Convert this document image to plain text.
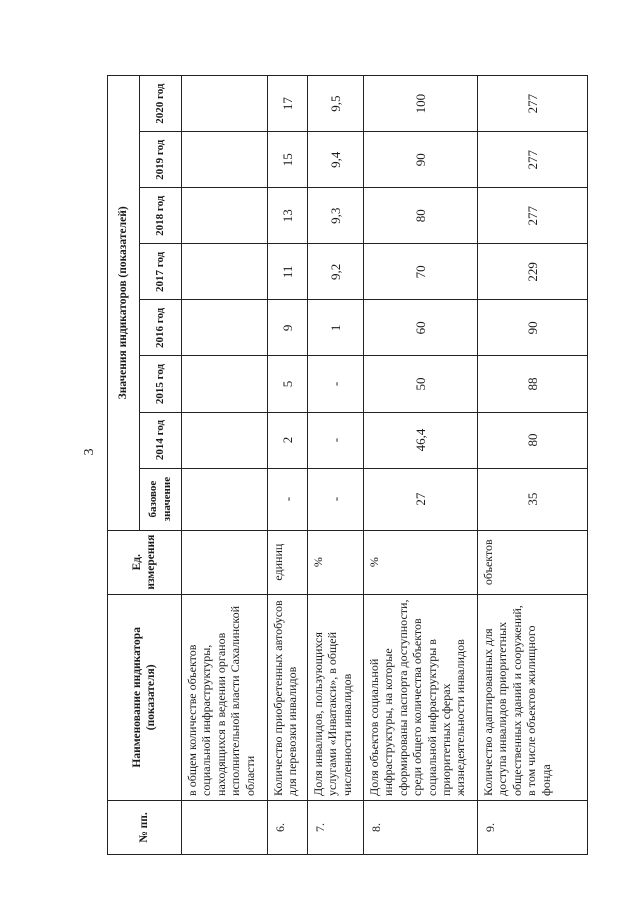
3
№ пп.	Наименование индикатора (показателя)	Ед. измерения	Значения индикаторов (показателей)							
			базовое значение	2014 год	2015 год	2016 год	2017 год	2018 год	2019 год	2020 год
	в общем количестве объектов социальной инфраструктуры, находящихся в ведении органов исполнительной власти Сахалинской области									
6.	Количество приобретенных автобусов для перевозки инвалидов	единиц	-	2	5	9	11	13	15	17
7.	Доля инвалидов, пользующихся услугами «Инватакси», в общей численности инвалидов	%	-	-	-	1	9,2	9,3	9,4	9,5
8.	Доля объектов социальной инфраструктуры, на которые сформированы паспорта доступности, среди общего количества объектов социальной инфраструктуры в приоритетных сферах жизнедеятельности инвалидов	%	27	46,4	50	60	70	80	90	100
9.	Количество адаптированных для доступа инвалидов приоритетных общественных зданий и сооружений, в том числе объектов жилищного фонда	объектов	35	80	88	90	229	277	277	277
